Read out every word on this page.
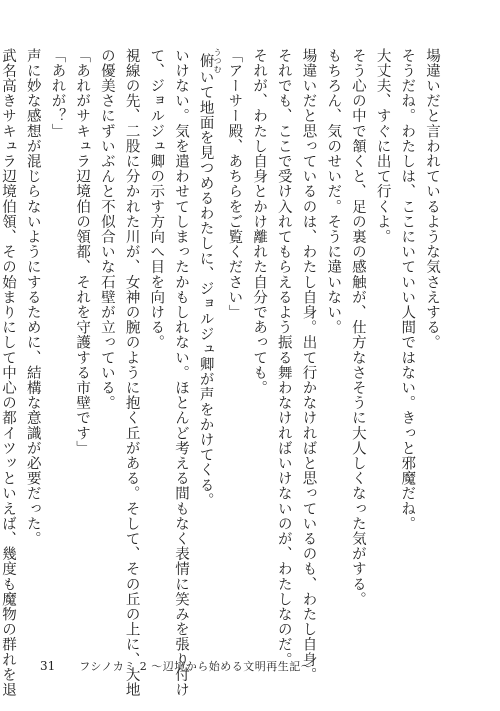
場違いだと言われているような気さえする。
そうだね。わたしは、ここにいていい人間ではない。きっと邪魔だね。
大丈夫、すぐに出て行くよ。
そう心の中で頷くと、足の裏の感触が、仕方なさそうに大人しくなった気がする。
もちろん、気のせいだ。そうに違いない。
場違いだと思っているのは、わたし自身。出て行かなければと思っているのも、わたし自身。
それでも、ここで受け入れてもらえるよう振る舞わなければいけないのが、わたしなのだ。
それが、わたし自身とかけ離れた自分であっても。
「アーサー殿、あちらをご覧ください」
俯 うつむいて地面を見つめるわたしに、ジョルジュ卿が声をかけてくる。
いけない。気を遣わせてしまったかもしれない。ほとんど考える間もなく表情に笑みを張り付け
て、ジョルジュ卿の示す方向へ目を向ける。
視線の先、二股に分かれた川が、女神の腕のように抱く丘がある。そして、その丘の上に、大地
の優美さにずいぶんと不似合いな石壁が立っている。
「あれがサキュラ辺境伯の領都、それを守護する市壁です」
「あれが？」
声に妙な感想が混じらないようにするために、結構な意識が必要だった。
武名高きサキュラ辺境伯領、その始まりにして中心の都イツッといえば、幾度も魔物の群れを退	31 フシノカミ 2 〜辺境から始める文明再生記〜
